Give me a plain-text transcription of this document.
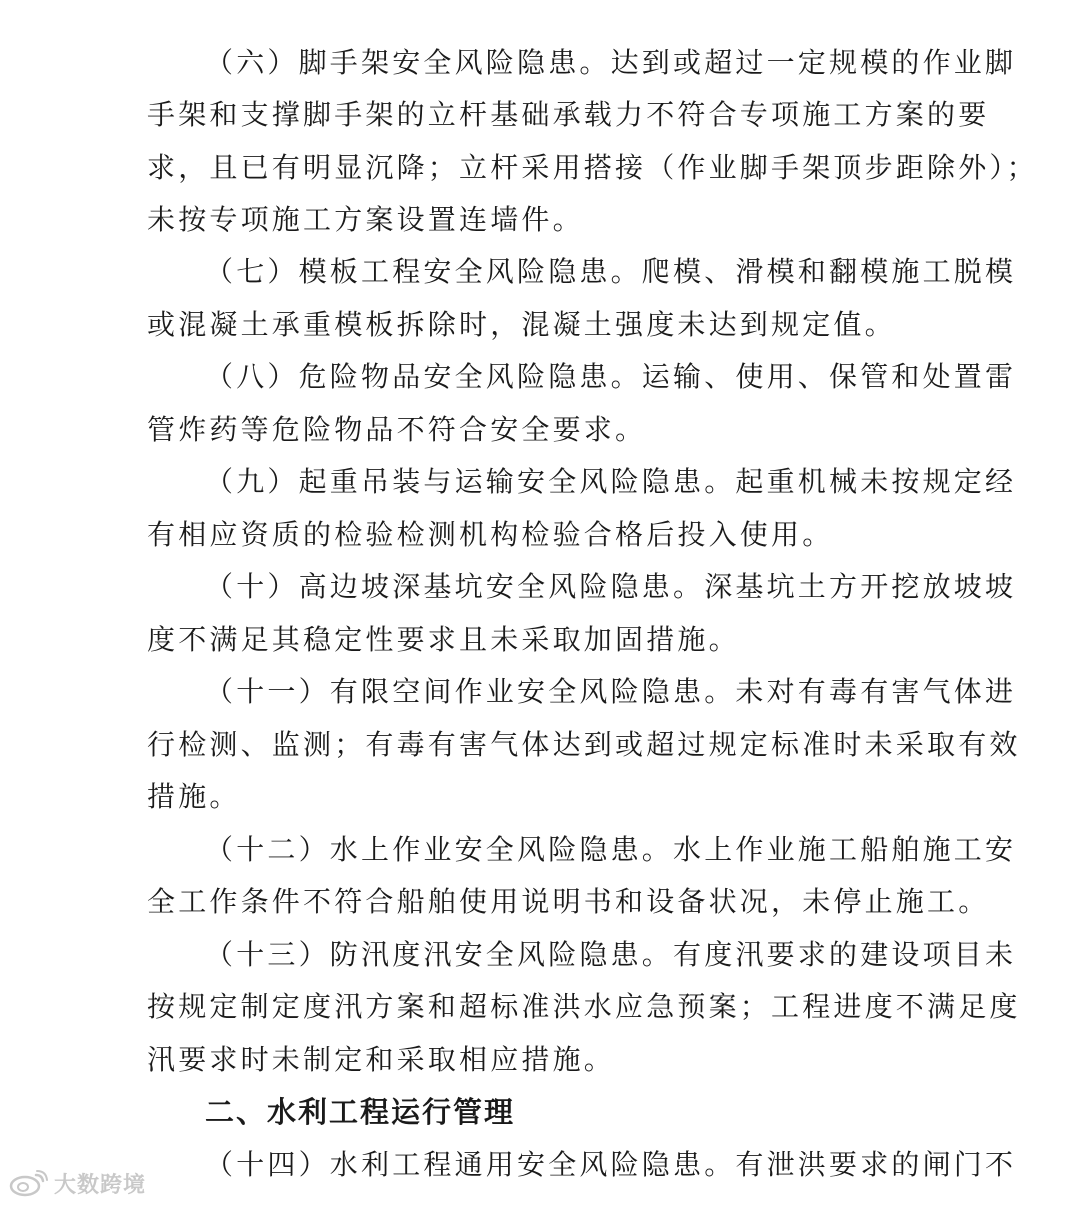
（六）脚手架安全风险隐患。达到或超过一定规模的作业脚
手架和支撑脚手架的立杆基础承载力不符合专项施工方案的要
求，且已有明显沉降；立杆采用搭接（作业脚手架顶步距除外）；
未按专项施工方案设置连墙件。
（七）模板工程安全风险隐患。爬模、滑模和翻模施工脱模
或混凝土承重模板拆除时，混凝土强度未达到规定值。
（八）危险物品安全风险隐患。运输、使用、保管和处置雷
管炸药等危险物品不符合安全要求。
（九）起重吊装与运输安全风险隐患。起重机械未按规定经
有相应资质的检验检测机构检验合格后投入使用。
（十）高边坡深基坑安全风险隐患。深基坑土方开挖放坡坡
度不满足其稳定性要求且未采取加固措施。
（十一）有限空间作业安全风险隐患。未对有毒有害气体进
行检测、监测；有毒有害气体达到或超过规定标准时未采取有效
措施。
（十二）水上作业安全风险隐患。水上作业施工船舶施工安
全工作条件不符合船舶使用说明书和设备状况，未停止施工。
（十三）防汛度汛安全风险隐患。有度汛要求的建设项目未
按规定制定度汛方案和超标准洪水应急预案；工程进度不满足度
汛要求时未制定和采取相应措施。
二、水利工程运行管理
（十四）水利工程通用安全风险隐患。有泄洪要求的闸门不
大数跨境
